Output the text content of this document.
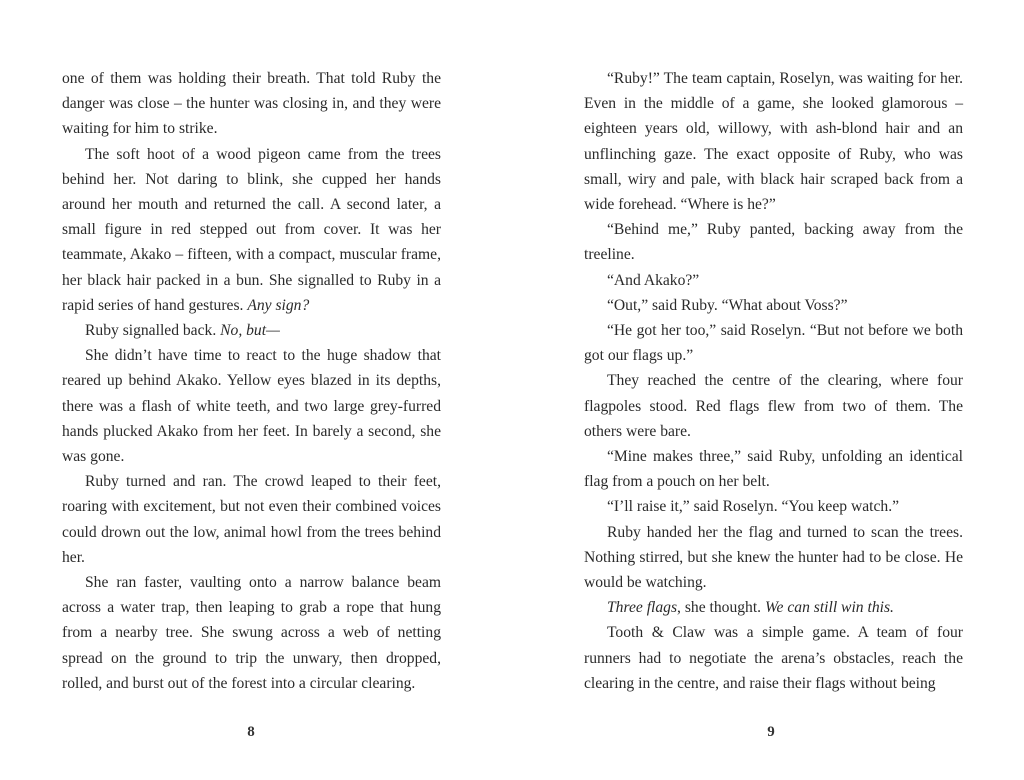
one of them was holding their breath. That told Ruby the danger was close – the hunter was closing in, and they were waiting for him to strike.

The soft hoot of a wood pigeon came from the trees behind her. Not daring to blink, she cupped her hands around her mouth and returned the call. A second later, a small figure in red stepped out from cover. It was her teammate, Akako – fifteen, with a compact, muscular frame, her black hair packed in a bun. She signalled to Ruby in a rapid series of hand gestures. Any sign?

Ruby signalled back. No, but—

She didn’t have time to react to the huge shadow that reared up behind Akako. Yellow eyes blazed in its depths, there was a flash of white teeth, and two large grey-furred hands plucked Akako from her feet. In barely a second, she was gone.

Ruby turned and ran. The crowd leaped to their feet, roaring with excitement, but not even their combined voices could drown out the low, animal howl from the trees behind her.

She ran faster, vaulting onto a narrow balance beam across a water trap, then leaping to grab a rope that hung from a nearby tree. She swung across a web of netting spread on the ground to trip the unwary, then dropped, rolled, and burst out of the forest into a circular clearing.

8

“Ruby!” The team captain, Roselyn, was waiting for her. Even in the middle of a game, she looked glamorous – eighteen years old, willowy, with ash-blond hair and an unflinching gaze. The exact opposite of Ruby, who was small, wiry and pale, with black hair scraped back from a wide forehead. “Where is he?”

“Behind me,” Ruby panted, backing away from the treeline.

“And Akako?”

“Out,” said Ruby. “What about Voss?”

“He got her too,” said Roselyn. “But not before we both got our flags up.”

They reached the centre of the clearing, where four flagpoles stood. Red flags flew from two of them. The others were bare.

“Mine makes three,” said Ruby, unfolding an identical flag from a pouch on her belt.

“I’ll raise it,” said Roselyn. “You keep watch.”

Ruby handed her the flag and turned to scan the trees. Nothing stirred, but she knew the hunter had to be close. He would be watching.

Three flags, she thought. We can still win this.

Tooth & Claw was a simple game. A team of four runners had to negotiate the arena’s obstacles, reach the clearing in the centre, and raise their flags without being

9
